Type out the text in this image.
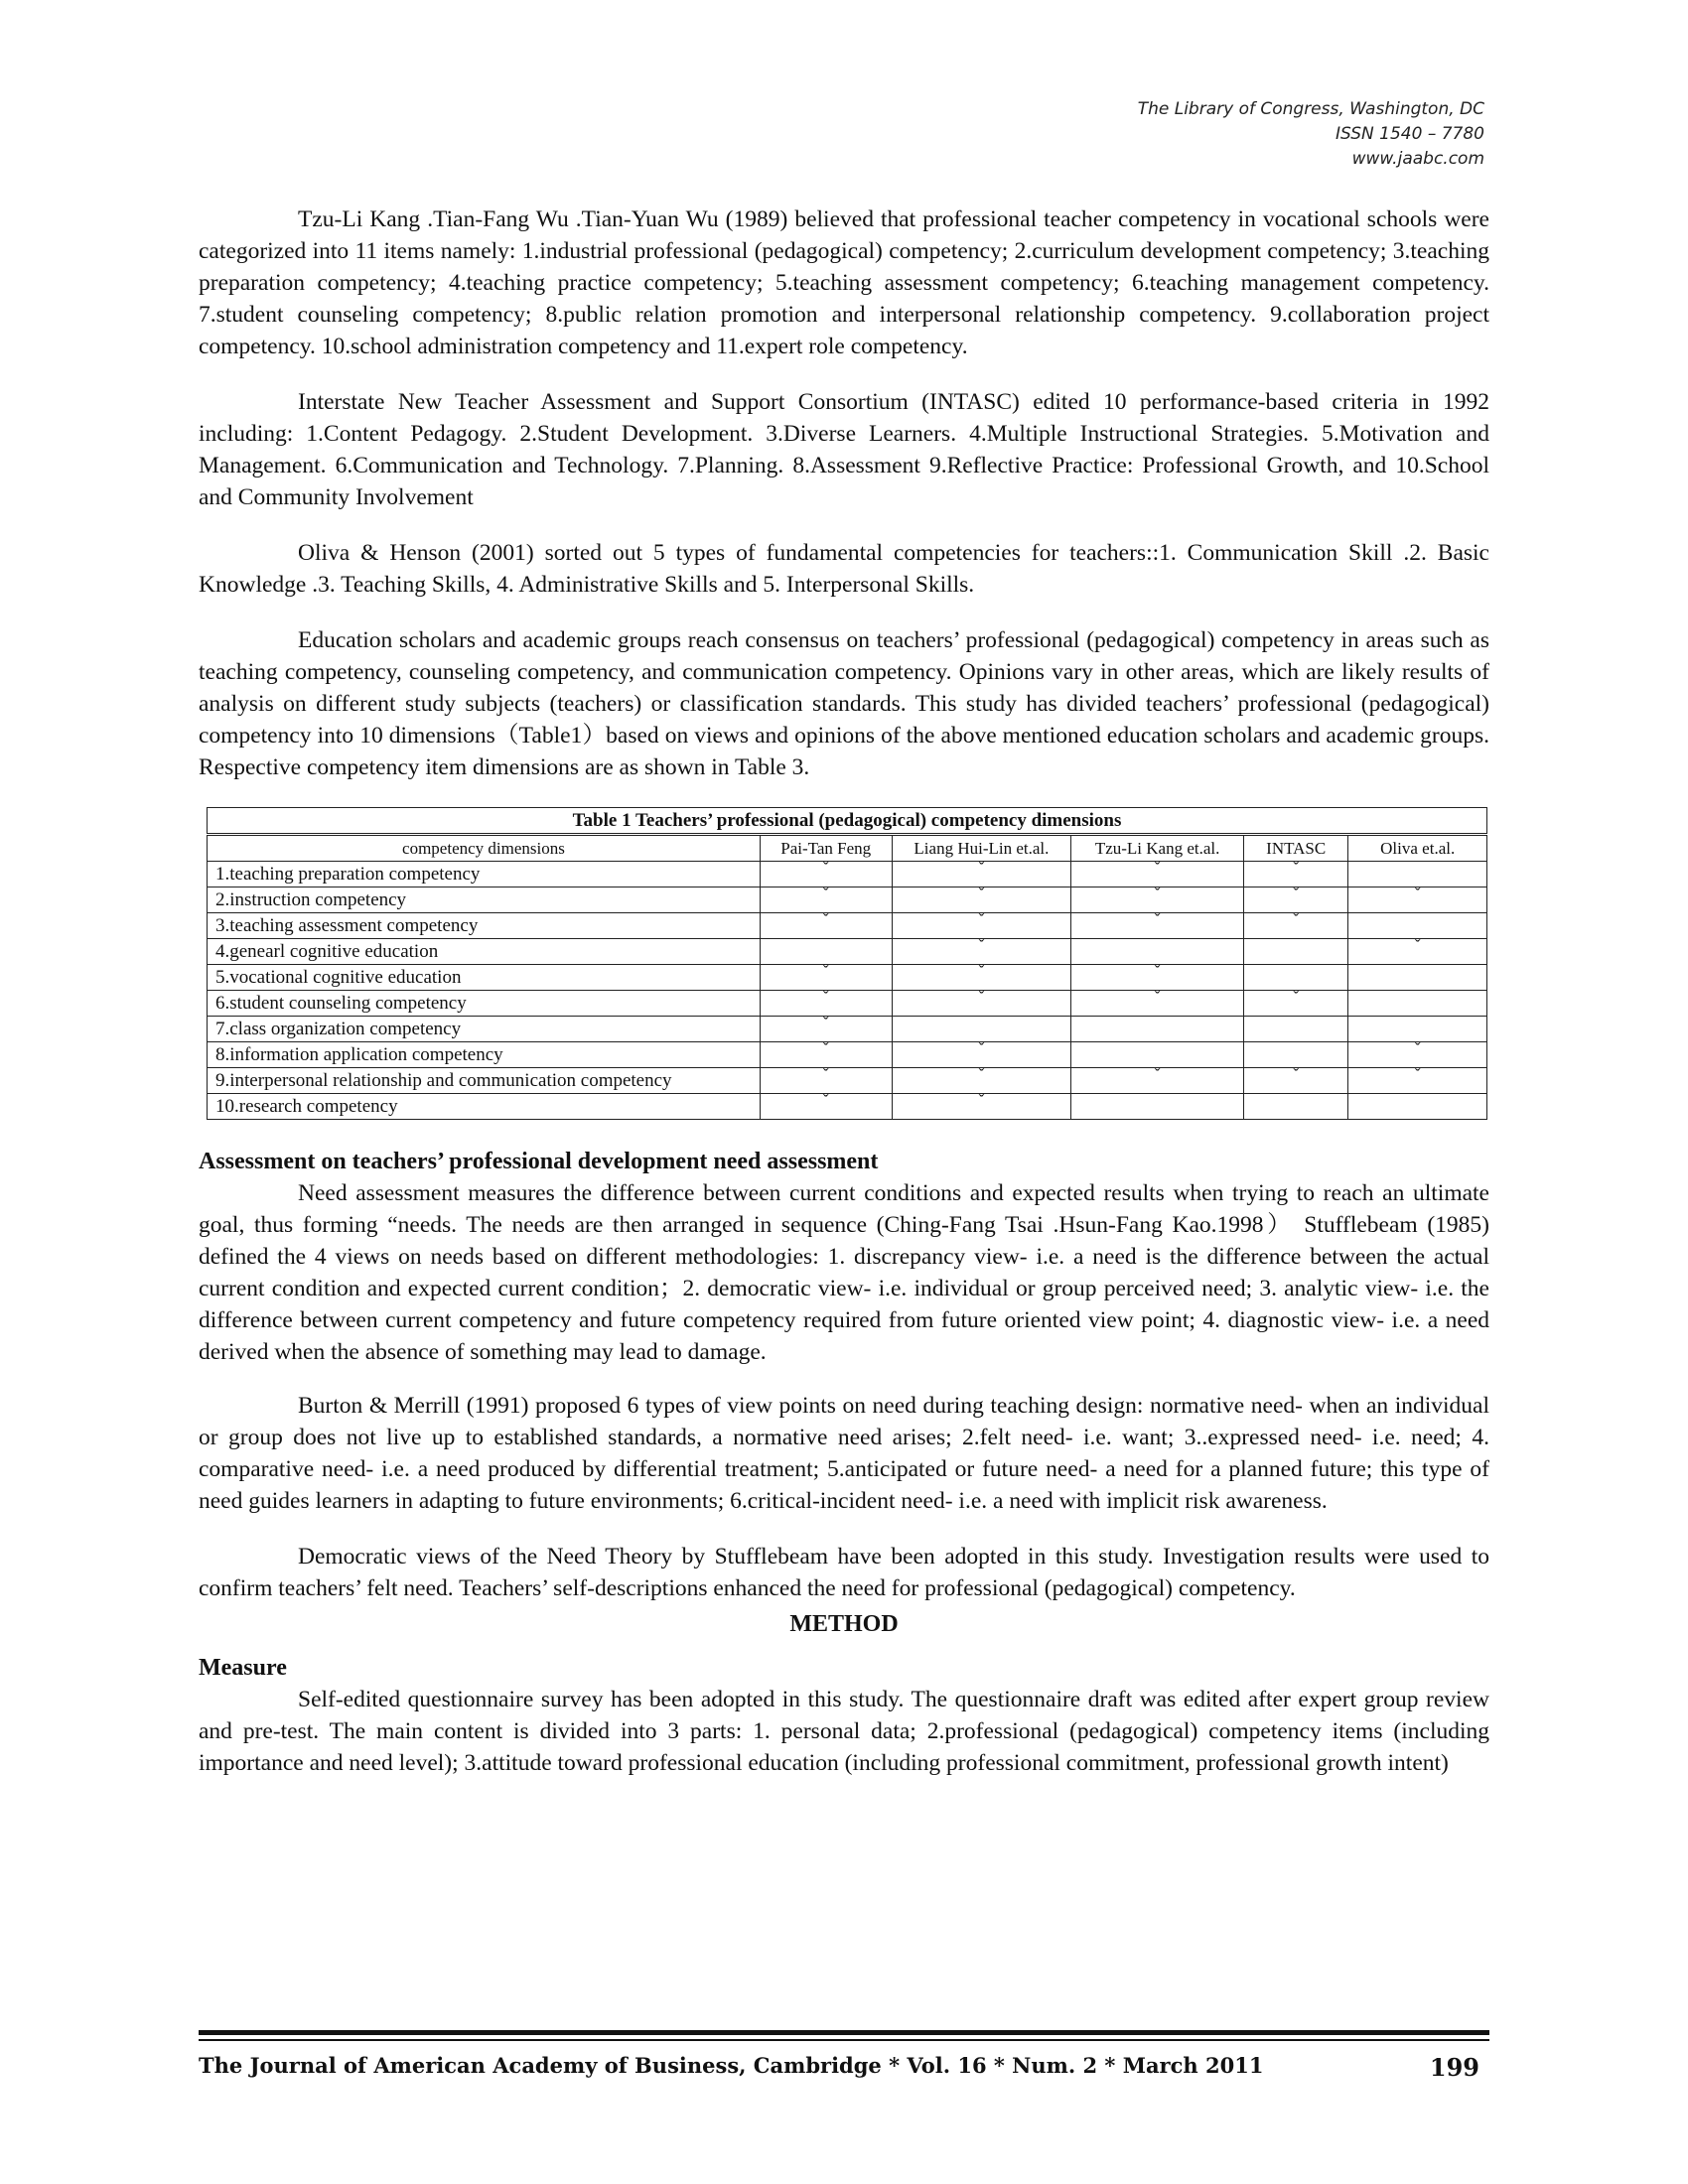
The Library of Congress, Washington, DC
ISSN 1540 – 7780
www.jaabc.com

Tzu-Li Kang .Tian-Fang Wu .Tian-Yuan Wu (1989) believed that professional teacher competency in vocational schools were categorized into 11 items namely: 1.industrial professional (pedagogical) competency; 2.curriculum development competency; 3.teaching preparation competency; 4.teaching practice competency; 5.teaching assessment competency; 6.teaching management competency. 7.student counseling competency; 8.public relation promotion and interpersonal relationship competency. 9.collaboration project competency. 10.school administration competency and 11.expert role competency.

Interstate New Teacher Assessment and Support Consortium (INTASC) edited 10 performance-based criteria in 1992 including: 1.Content Pedagogy. 2.Student Development. 3.Diverse Learners. 4.Multiple Instructional Strategies. 5.Motivation and Management. 6.Communication and Technology. 7.Planning. 8.Assessment 9.Reflective Practice: Professional Growth, and 10.School and Community Involvement

Oliva & Henson (2001) sorted out 5 types of fundamental competencies for teachers::1. Communication Skill .2. Basic Knowledge .3. Teaching Skills, 4. Administrative Skills and 5. Interpersonal Skills.

Education scholars and academic groups reach consensus on teachers’ professional (pedagogical) competency in areas such as teaching competency, counseling competency, and communication competency. Opinions vary in other areas, which are likely results of analysis on different study subjects (teachers) or classification standards. This study has divided teachers’ professional (pedagogical) competency into 10 dimensions（Table1）based on views and opinions of the above mentioned education scholars and academic groups. Respective competency item dimensions are as shown in Table 3.

Table 1 Teachers’ professional (pedagogical) competency dimensions					
competency dimensions	Pai-Tan Feng	Liang Hui-Lin et.al.	Tzu-Li Kang et.al.	INTASC	Oliva et.al.
1.teaching preparation competency	ˇ	ˇ	ˇ	ˇ	
2.instruction competency	ˇ	ˇ	ˇ	ˇ	ˇ
3.teaching assessment competency	ˇ	ˇ	ˇ	ˇ	
4.genearl cognitive education		ˇ			ˇ
5.vocational cognitive education	ˇ	ˇ	ˇ		
6.student counseling competency	ˇ	ˇ	ˇ	ˇ	
7.class organization competency	ˇ				
8.information application competency	ˇ	ˇ			ˇ
9.interpersonal relationship and communication competency	ˇ	ˇ	ˇ	ˇ	ˇ
10.research competency	ˇ	ˇ			
Assessment on teachers’ professional development need assessment

Need assessment measures the difference between current conditions and expected results when trying to reach an ultimate goal, thus forming “needs. The needs are then arranged in sequence (Ching-Fang Tsai .Hsun-Fang Kao.1998） Stufflebeam (1985) defined the 4 views on needs based on different methodologies: 1. discrepancy view- i.e. a need is the difference between the actual current condition and expected current condition；2. democratic view- i.e. individual or group perceived need; 3. analytic view- i.e. the difference between current competency and future competency required from future oriented view point; 4. diagnostic view- i.e. a need derived when the absence of something may lead to damage.

Burton & Merrill (1991) proposed 6 types of view points on need during teaching design: normative need- when an individual or group does not live up to established standards, a normative need arises; 2.felt need- i.e. want; 3..expressed need- i.e. need; 4. comparative need- i.e. a need produced by differential treatment; 5.anticipated or future need- a need for a planned future; this type of need guides learners in adapting to future environments; 6.critical-incident need- i.e. a need with implicit risk awareness.

Democratic views of the Need Theory by Stufflebeam have been adopted in this study. Investigation results were used to confirm teachers’ felt need. Teachers’ self-descriptions enhanced the need for professional (pedagogical) competency.

METHOD
Measure

Self-edited questionnaire survey has been adopted in this study. The questionnaire draft was edited after expert group review and pre-test. The main content is divided into 3 parts: 1. personal data; 2.professional (pedagogical) competency items (including importance and need level); 3.attitude toward professional education (including professional commitment, professional growth intent)

The Journal of American Academy of Business, Cambridge * Vol. 16 * Num. 2 * March 2011	199
